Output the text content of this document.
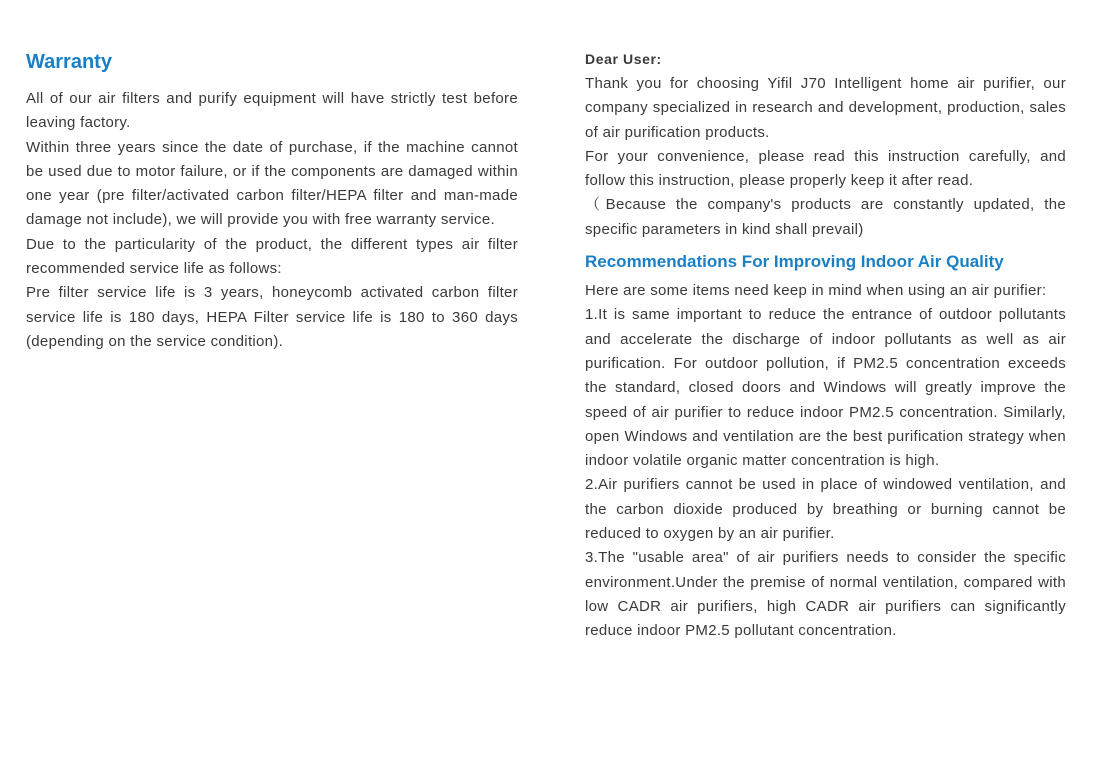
Warranty

All of our air filters and purify equipment will have strictly test before leaving factory.

Within three years since the date of purchase, if the machine cannot be used due to motor failure, or if the components are damaged within one year (pre filter/activated carbon filter/HEPA filter and man-made damage not include), we will provide you with free warranty service.

Due to the particularity of the product, the different types air filter recommended service life as follows:

Pre filter service life is 3 years, honeycomb activated carbon filter service life is 180 days, HEPA Filter service life is 180 to 360 days (depending on the service condition).

Dear User:

Thank you for choosing Yifil J70 Intelligent home air purifier, our company specialized in research and development, production, sales of air purification products.

For your convenience, please read this instruction carefully, and follow this instruction, please properly keep it after read.

（Because the company's products are constantly updated, the specific parameters in kind shall prevail)

Recommendations For Improving Indoor Air Quality

Here are some items need keep in mind when using an air purifier:

1.It is same important to reduce the entrance of outdoor pollutants and accelerate the discharge of indoor pollutants as well as air purification. For outdoor pollution, if PM2.5 concentration exceeds the standard, closed doors and Windows will greatly improve the speed of air purifier to reduce indoor PM2.5 concentration. Similarly, open Windows and ventilation are the best purification strategy when indoor volatile organic matter concentration is high.

2.Air purifiers cannot be used in place of windowed ventilation, and the carbon dioxide produced by breathing or burning cannot be reduced to oxygen by an air purifier.

3.The "usable area" of air purifiers needs to consider the specific environment.Under the premise of normal ventilation, compared with low CADR air purifiers, high CADR air purifiers can significantly reduce indoor PM2.5 pollutant concentration.
